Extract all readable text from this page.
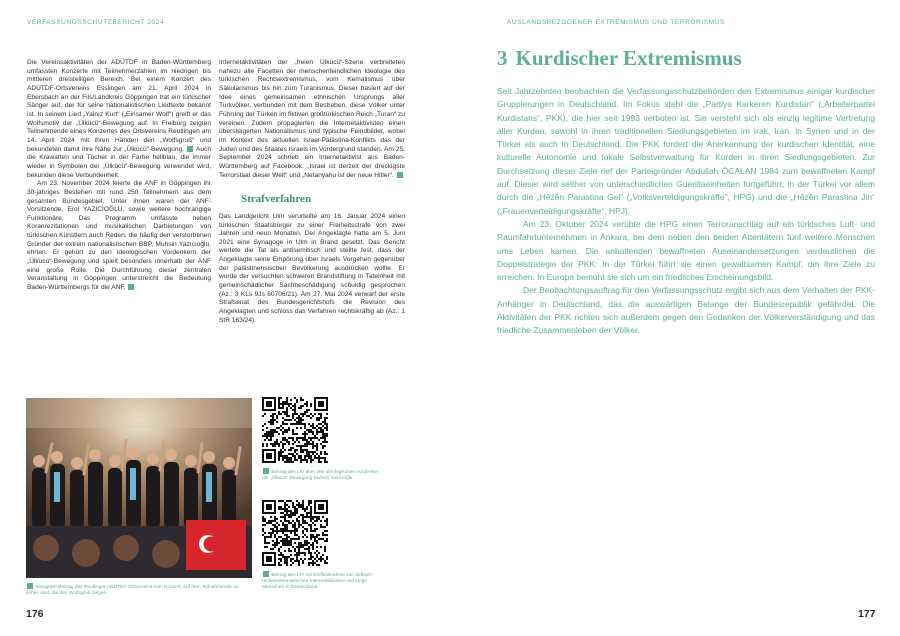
VERFASSUNGSSCHUTZBERICHT 2024

Die Vereinsaktivitäten der ADÜTDF in Baden-Württemberg umfassten Konzerte mit Teilnehmerzahlen im niedrigen bis mittleren dreistelligen Bereich. Bei einem Konzert des ADÜTDF-Ortsvereins Esslingen am 21. April 2024 in Ebersbach an der Fils/Landkreis Göppingen trat ein türkischer Sänger auf, der für seine nationalistischen Liedtexte bekannt ist. In seinem Lied „Yalnız Kurt“ („Einsamer Wolf“) greift er das Wolfsmotiv der „Ülkücü“-Bewegung auf. In Freiburg zeigten Teilnehmende eines Konzertes des Ortsvereins Reutlingen am 14. April 2024 mit ihren Händen den „Wolfsgruß“ und bekundeten damit ihre Nähe zur „Ülkücü“-Bewegung. Auch die Krawatten und Tücher in der Farbe hellblau, die immer wieder in Symbolen der „Ülkücü“-Bewegung verwendet wird, bekunden diese Verbundenheit.

Am 23. November 2024 feierte die ANF in Göppingen ihr 30-jähriges Bestehen mit rund 250 Teilnehmern aus dem gesamten Bundesgebiet. Unter ihnen waren der ANF-Vorsitzende, Erol YAZICIOĞLU, sowie weitere hochrangige Funktionäre. Das Programm umfasste neben Koranrezitationen und musikalischen Darbietungen von türkischen Künstlern auch Reden, die häufig den verstorbenen Gründer der extrem nationalistischen BBP, Muhsin Yazıcıoğlu, ehrten. Er gehört zu den ideologischen Vordenkern der „Ülkücü“-Bewegung und spielt besonders innerhalb der ANF eine große Rolle. Die Durchführung dieser zentralen Veranstaltung in Göppingen unterstreicht die Bedeutung Baden-Württembergs für die ANF.

Internetaktivitäten der „freien Ülkücü“-Szene verbreiteten nahezu alle Facetten der menschenfeindlichen Ideologie des türkischen Rechtsextremismus, vom Kemalismus über Säkularismus bis hin zum Turanismus. Dieser basiert auf der Idee eines gemeinsamen ethnischen Ursprungs aller Turkvölker, verbunden mit dem Bestreben, diese Völker unter Führung der Türken im fiktiven großtürkischen Reich „Turan“ zu vereinen. Zudem propagierten die Internetaktivisten einen übersteigerten Nationalismus und typische Feindbilder, wobei im Kontext des aktuellen Israel-Palästina-Konflikts das der Juden und des Staates Israels im Vordergrund standen. Am 25. September 2024 schrieb ein Internetaktivist aus Baden-Württemberg auf Facebook: „Israel ist derzeit der dreckigste Terrorstaat dieser Welt“ und „Netanyahu ist der neue Hitler“.

Strafverfahren

Das Landgericht Ulm verurteilte am 16. Januar 2024 einen türkischen Staatsbürger zu einer Freiheitsstrafe von zwei Jahren und neun Monaten. Der Angeklagte hatte am 5. Juni 2021 eine Synagoge in Ulm in Brand gesetzt. Das Gericht wertete die Tat als antisemitisch und stellte fest, dass der Angeklagte seine Empörung über Israels Vorgehen gegenüber der palästinensischen Bevölkerung ausdrücken wollte. Er wurde der versuchten schweren Brandstiftung in Tateinheit mit gemeinschädlicher Sachbeschädigung schuldig gesprochen (Az.: 3 KLs 9Js 60706/21). Am 27. Mai 2024 verwarf der erste Strafsenat des Bundesgerichtshofs die Revision des Angeklagten und schloss das Verfahren rechtskräftig ab (Az.: 1 StR 163/24).

Instagram-Beitrag des Reutlinger ADÜTDF-Ortsvereins zum Konzert, auf dem Teilnehmende zu sehen sind, die den Wolfsgruß zeigen
Beitrag des LfV über den ideologischen Vordenker der „Ülkücü“-Bewegung Muhsin Yazıcıoğlu
Beitrag des LfV zur Einflussnahme von türkisch-rechtsextremistischen Internetaktivisten auf junge Menschen in Deutschland
176
AUSLANDSBEZOGENER EXTREMISMUS UND TERRORISMUS
3 Kurdischer Extremismus

Seit Jahrzehnten beobachten die Verfassungsschutzbehörden den Extremismus einiger kurdischer Gruppierungen in Deutschland. Im Fokus steht die „Partiya Karkeren Kurdistan“ („Arbeiterpartei Kurdistans“, PKK), die hier seit 1993 verboten ist. Sie versteht sich als einzig legitime Vertretung aller Kurden, sowohl in ihren traditionellen Siedlungsgebieten im Irak, Iran, in Syrien und in der Türkei als auch in Deutschland. Die PKK fordert die Anerkennung der kurdischen Identität, eine kulturelle Autonomie und lokale Selbstverwaltung für Kurden in ihren Siedlungsgebieten. Zur Durchsetzung dieser Ziele rief der Parteigründer Abdullah ÖCALAN 1984 zum bewaffneten Kampf auf. Dieser wird seither von unterschiedlichen Guerillaeinheiten fortgeführt, in der Türkei vor allem durch die „Hêzên Parastina Gel“ („Volksverteidigungskräfte“, HPG) und die „Hêzên Parastina Jin“ („Frauenverteidigungskräfte“, HPJ).

Am 23. Oktober 2024 verübte die HPG einen Terroranschlag auf ein türkisches Luft- und Raumfahrtunternehmen in Ankara, bei dem neben den beiden Attentätern fünf weitere Menschen ums Leben kamen. Die anhaltenden bewaffneten Auseinandersetzungen verdeutlichen die Doppelstrategie der PKK: In der Türkei führt sie einen gewaltsamen Kampf, um ihre Ziele zu erreichen. In Europa bemüht sie sich um ein friedliches Erscheinungsbild.

Der Beobachtungsauftrag für den Verfassungsschutz ergibt sich aus dem Verhalten der PKK-Anhänger in Deutschland, das die auswärtigen Belange der Bundesrepublik gefährdet. Die Aktivitäten der PKK richten sich außerdem gegen den Gedanken der Völkerverständigung und das friedliche Zusammenleben der Völker.

177
